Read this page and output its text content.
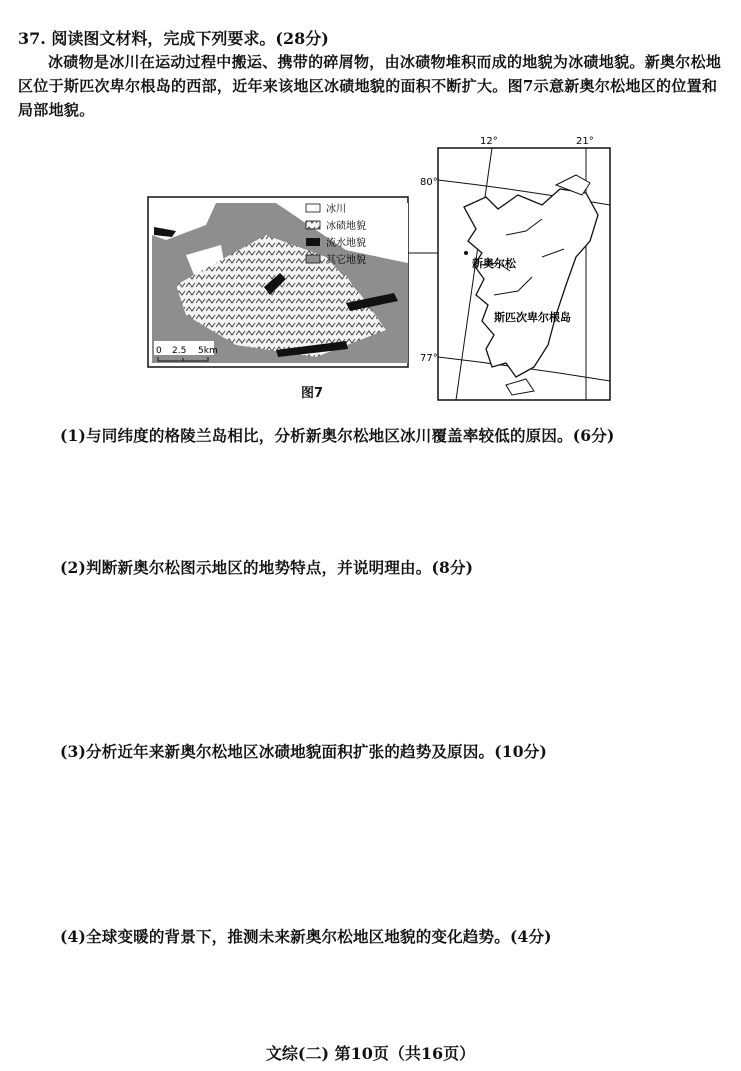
37. 阅读图文材料，完成下列要求。(28分)
冰碛物是冰川在运动过程中搬运、携带的碎屑物，由冰碛物堆积而成的地貌为冰碛地貌。新奥尔松地区位于斯匹次卑尔根岛的西部，近年来该地区冰碛地貌的面积不断扩大。图7示意新奥尔松地区的位置和局部地貌。
冰川
冰碛地貌
流水地貌
其它地貌
0 2.5 5km
12°	21°
80°
77°
新奥尔松
斯匹次卑尔根岛
图7
(1)与同纬度的格陵兰岛相比，分析新奥尔松地区冰川覆盖率较低的原因。(6分)
(2)判断新奥尔松图示地区的地势特点，并说明理由。(8分)
(3)分析近年来新奥尔松地区冰碛地貌面积扩张的趋势及原因。(10分)
(4)全球变暖的背景下，推测未来新奥尔松地区地貌的变化趋势。(4分)
文综(二) 第10页（共16页）
